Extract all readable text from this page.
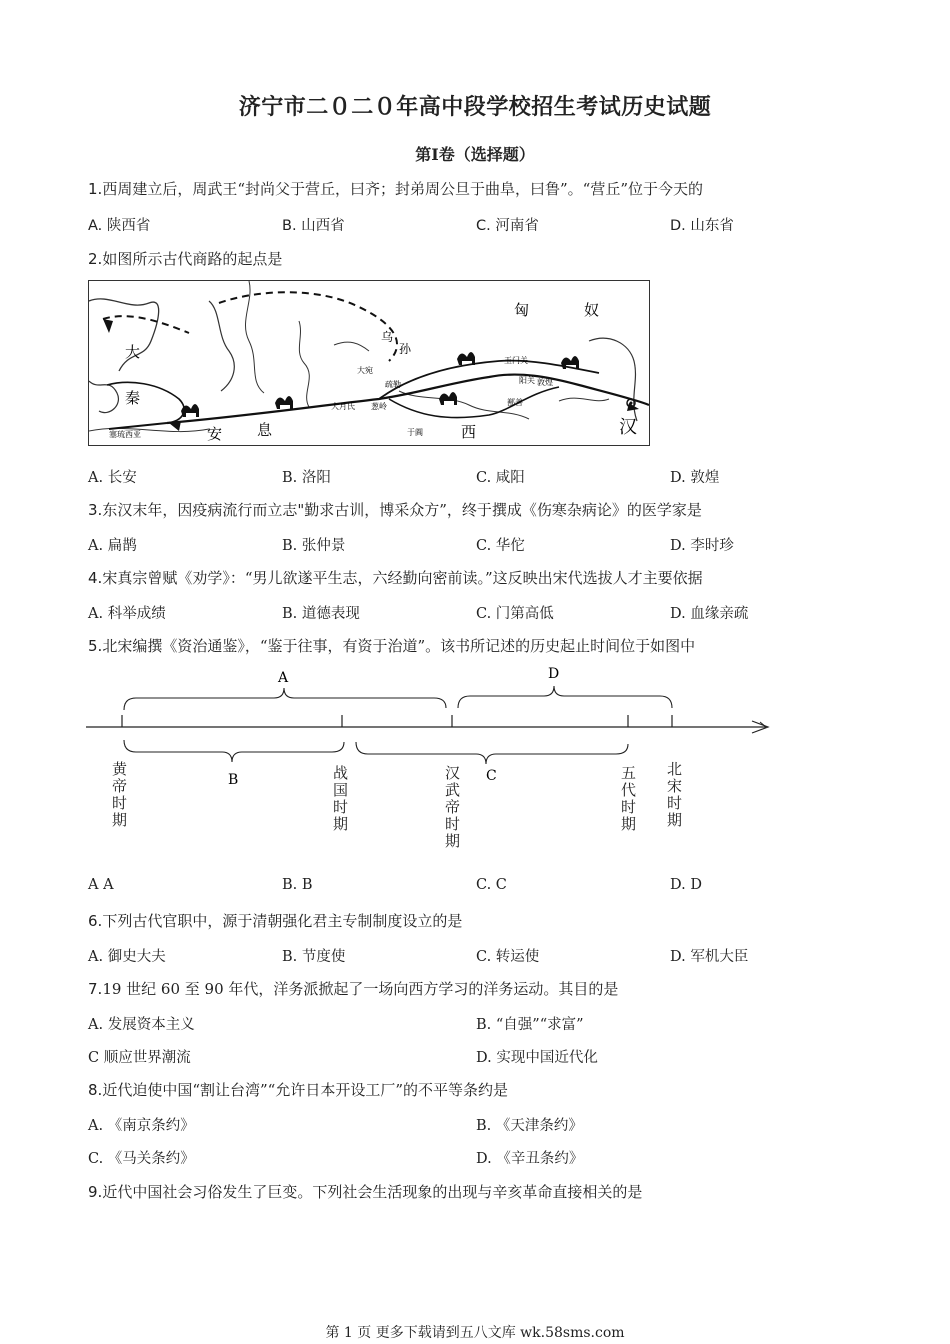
济宁市二０二０年高中段学校招生考试历史试题
第Ⅰ卷（选择题）
1.西周建立后，周武王“封尚父于营丘，曰齐；封弟周公旦于曲阜，曰鲁”。“营丘”位于今天的
A. 陕西省	B. 山西省	C. 河南省	D. 山东省
2.如图所示古代商路的起点是
匈	奴
乌
孙
大
秦
安 息	西	汉
玉门关
阳关 敦煌
大宛
疏勒
大月氏 葱岭
于阗
鄯善
塞琉西亚
A. 长安	B. 洛阳	C. 咸阳	D. 敦煌
3.东汉末年，因疫病流行而立志"勤求古训，博采众方”，终于撰成《伤寒杂病论》的医学家是
A. 扁鹊	B. 张仲景	C. 华佗	D. 李时珍
4.宋真宗曾赋《劝学》：“男儿欲遂平生志，六经勤向密前读。”这反映出宋代选拔人才主要依据
A. 科举成绩	B. 道德表现	C. 门第高低	D. 血缘亲疏
5.北宋编撰《资治通鉴》，“鉴于往事，有资于治道”。该书所记述的历史起止时间位于如图中
A	D
B	C
黄帝时期
战国时期
汉武帝时期
五代时期
北宋时期
A A	B. B	C. C	D. D
6.下列古代官职中，源于清朝强化君主专制制度设立的是
A. 御史大夫	B. 节度使	C. 转运使	D. 军机大臣
7.19 世纪 60 至 90 年代，洋务派掀起了一场向西方学习的洋务运动。其目的是
A. 发展资本主义	B. “自强”“求富”
C 顺应世界潮流	D. 实现中国近代化
8.近代迫使中国“割让台湾”“允许日本开设工厂”的不平等条约是
A. 《南京条约》	B. 《天津条约》
C. 《马关条约》	D. 《辛丑条约》
9.近代中国社会习俗发生了巨变。下列社会生活现象的出现与辛亥革命直接相关的是
第 1 页 更多下载请到五八文库 wk.58sms.com
